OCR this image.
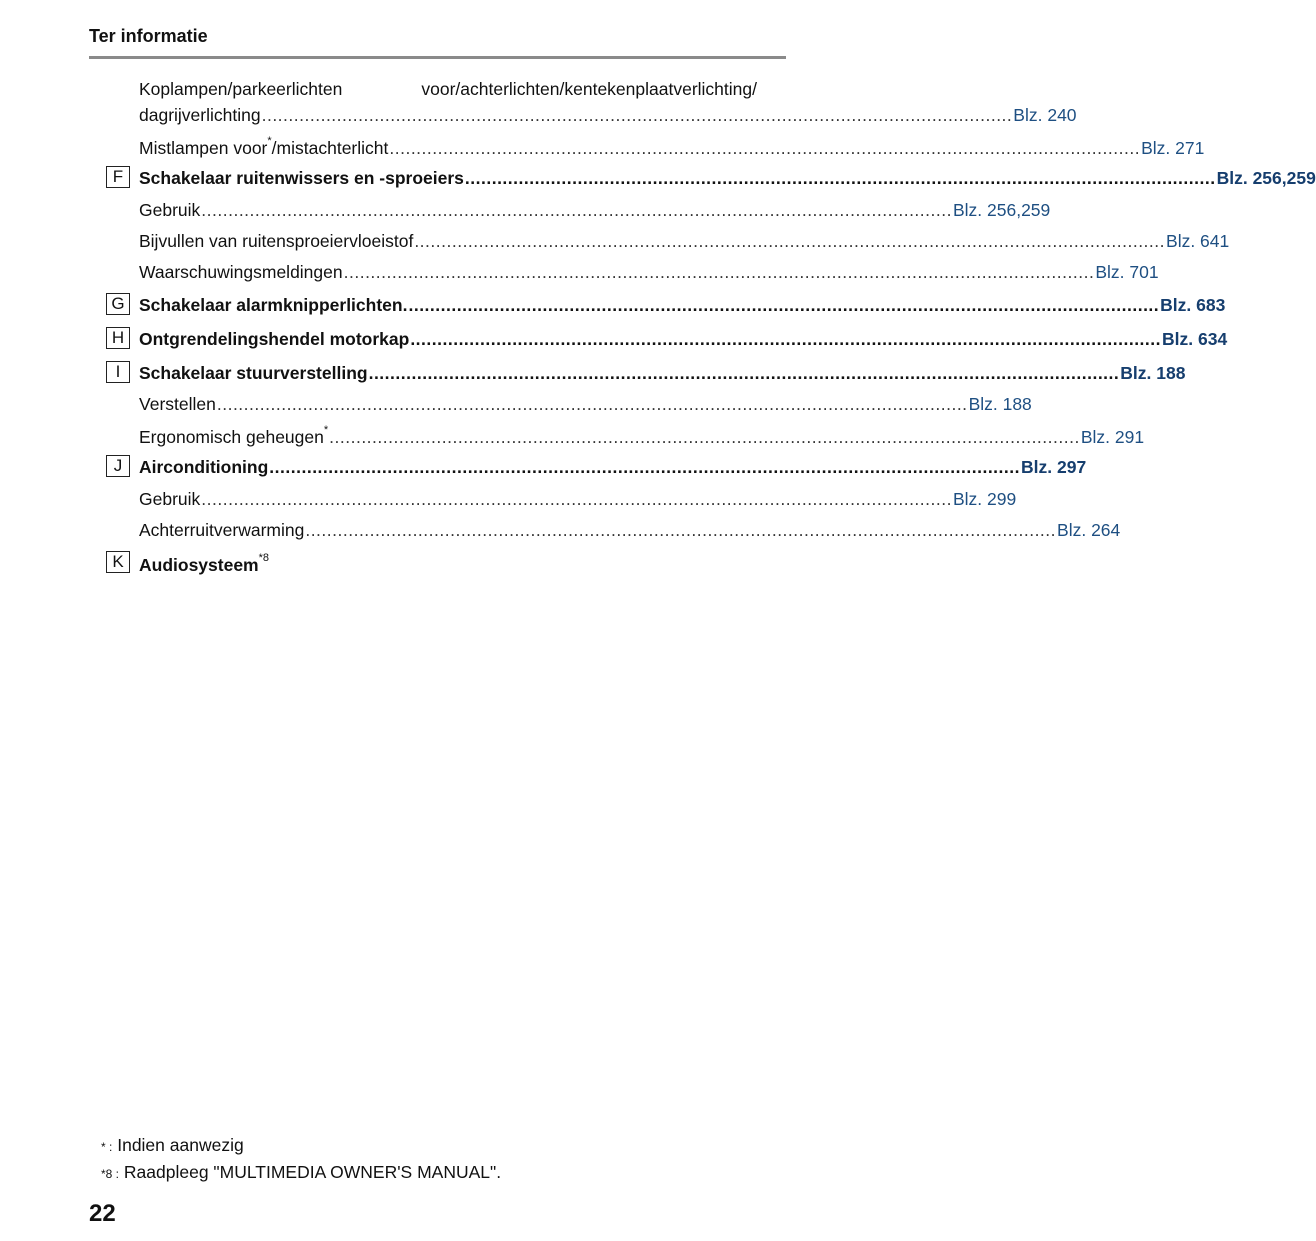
Ter informatie
Koplampen/parkeerlichten	voor/achterlichten/kentekenplaatverlichting/
dagrijverlichting ............................................................................................................................................ Blz. 240
Mistlampen voor*/mistachterlicht ............................................................................................................................................ Blz. 271
F Schakelaar ruitenwissers en -sproeiers ............................................................................................................................................ Blz. 256,259
Gebruik ............................................................................................................................................ Blz. 256,259
Bijvullen van ruitensproeiervloeistof ............................................................................................................................................ Blz. 641
Waarschuwingsmeldingen ............................................................................................................................................ Blz. 701
G Schakelaar alarmknipperlichten. ............................................................................................................................................ Blz. 683
H Ontgrendelingshendel motorkap ............................................................................................................................................ Blz. 634
I	Schakelaar stuurverstelling ............................................................................................................................................ Blz. 188
Verstellen ............................................................................................................................................ Blz. 188
Ergonomisch geheugen* ............................................................................................................................................ Blz. 291
J Airconditioning ............................................................................................................................................ Blz. 297
Gebruik ............................................................................................................................................ Blz. 299
Achterruitverwarming ............................................................................................................................................ Blz. 264
K Audiosysteem$^{*8}$
* : Indien aanwezig
*8 : Raadpleeg "MULTIMEDIA OWNER'S MANUAL".
22
